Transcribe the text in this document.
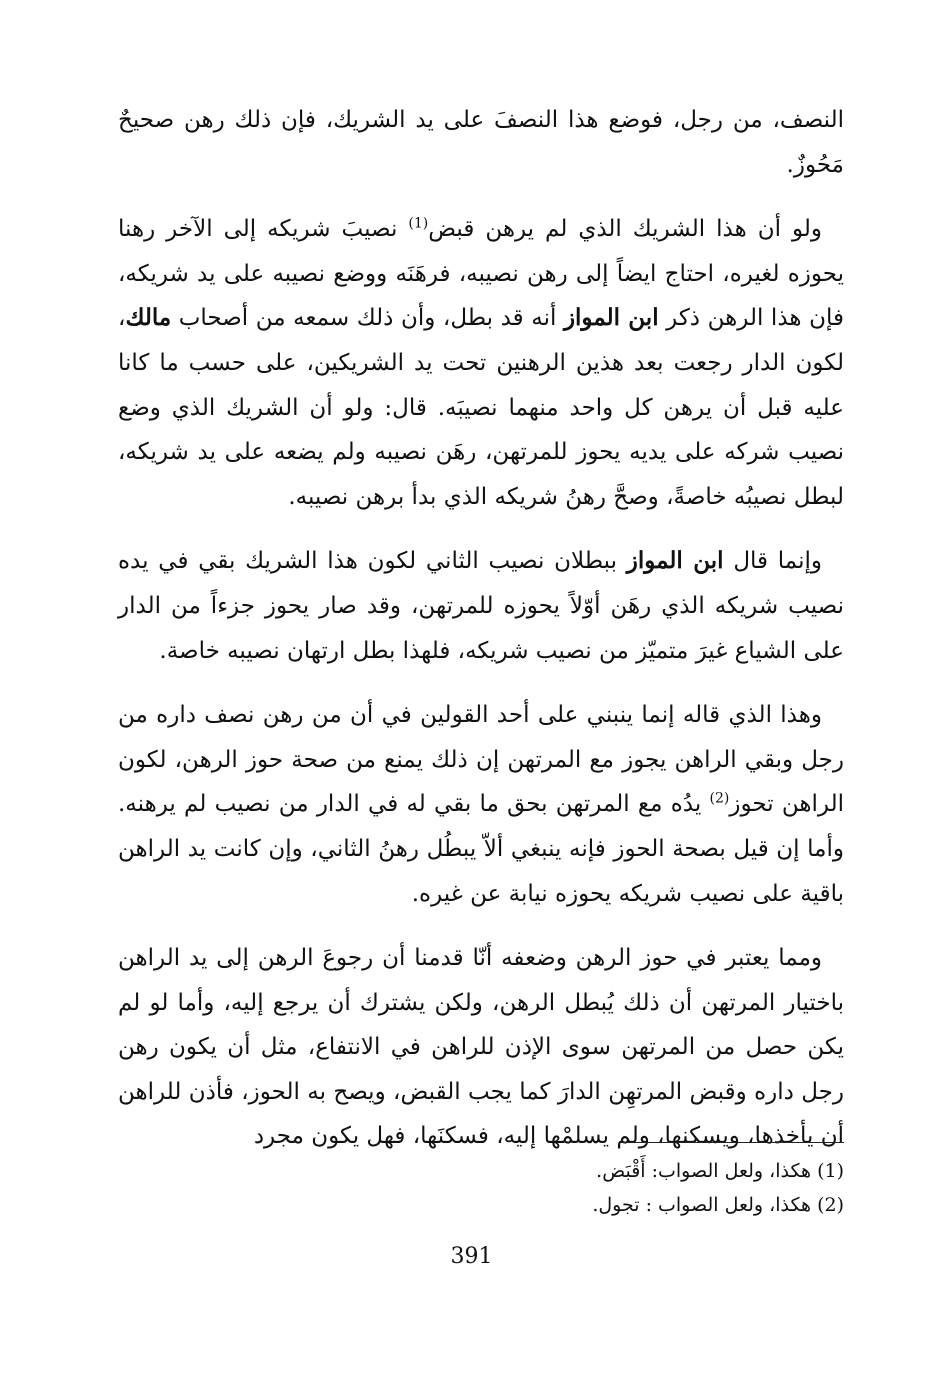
النصف، من رجل، فوضع هذا النصفَ على يد الشريك، فإن ذلك رهن صحيحٌ مَحُوزٌ.

ولو أن هذا الشريك الذي لم يرهن قبض$^{(1)}$ نصيبَ شريكه إلى الآخر رهنا يحوزه لغيره، احتاج ايضاً إلى رهن نصيبه، فرهَنَه ووضع نصيبه على يد شريكه، فإن هذا الرهن ذكر ابن المواز أنه قد بطل، وأن ذلك سمعه من أصحاب مالك، لكون الدار رجعت بعد هذين الرهنين تحت يد الشريكين، على حسب ما كانا عليه قبل أن يرهن كل واحد منهما نصيبَه. قال: ولو أن الشريك الذي وضع نصيب شركه على يديه يحوز للمرتهن، رهَن نصيبه ولم يضعه على يد شريكه، لبطل نصيبُه خاصةً، وصحَّ رهنُ شريكه الذي بدأ برهن نصيبه.

وإنما قال ابن المواز ببطلان نصيب الثاني لكون هذا الشريك بقي في يده نصيب شريكه الذي رهَن أوّلاً يحوزه للمرتهن، وقد صار يحوز جزءاً من الدار على الشياع غيرَ متميّز من نصيب شريكه، فلهذا بطل ارتهان نصيبه خاصة.

وهذا الذي قاله إنما ينبني على أحد القولين في أن من رهن نصف داره من رجل وبقي الراهن يجوز مع المرتهن إن ذلك يمنع من صحة حوز الرهن، لكون الراهن تحوز$^{(2)}$ يدُه مع المرتهن بحق ما بقي له في الدار من نصيب لم يرهنه. وأما إن قيل بصحة الحوز فإنه ينبغي ألاّ يبطُل رهنُ الثاني، وإن كانت يد الراهن باقية على نصيب شريكه يحوزه نيابة عن غيره.

ومما يعتبر في حوز الرهن وضعفه أنّا قدمنا أن رجوعَ الرهن إلى يد الراهن باختيار المرتهن أن ذلك يُبطل الرهن، ولكن يشترك أن يرجع إليه، وأما لو لم يكن حصل من المرتهن سوى الإذن للراهن في الانتفاع، مثل أن يكون رهن رجل داره وقبض المرتهِن الدارَ كما يجب القبض، ويصح به الحوز، فأذن للراهن أن يأخذها، ويسكنها، ولم يسلمْها إليه، فسكنَها، فهل يكون مجرد

(1) هكذا، ولعل الصواب: أَقْبَض.
(2) هكذا، ولعل الصواب : تجول.
391
